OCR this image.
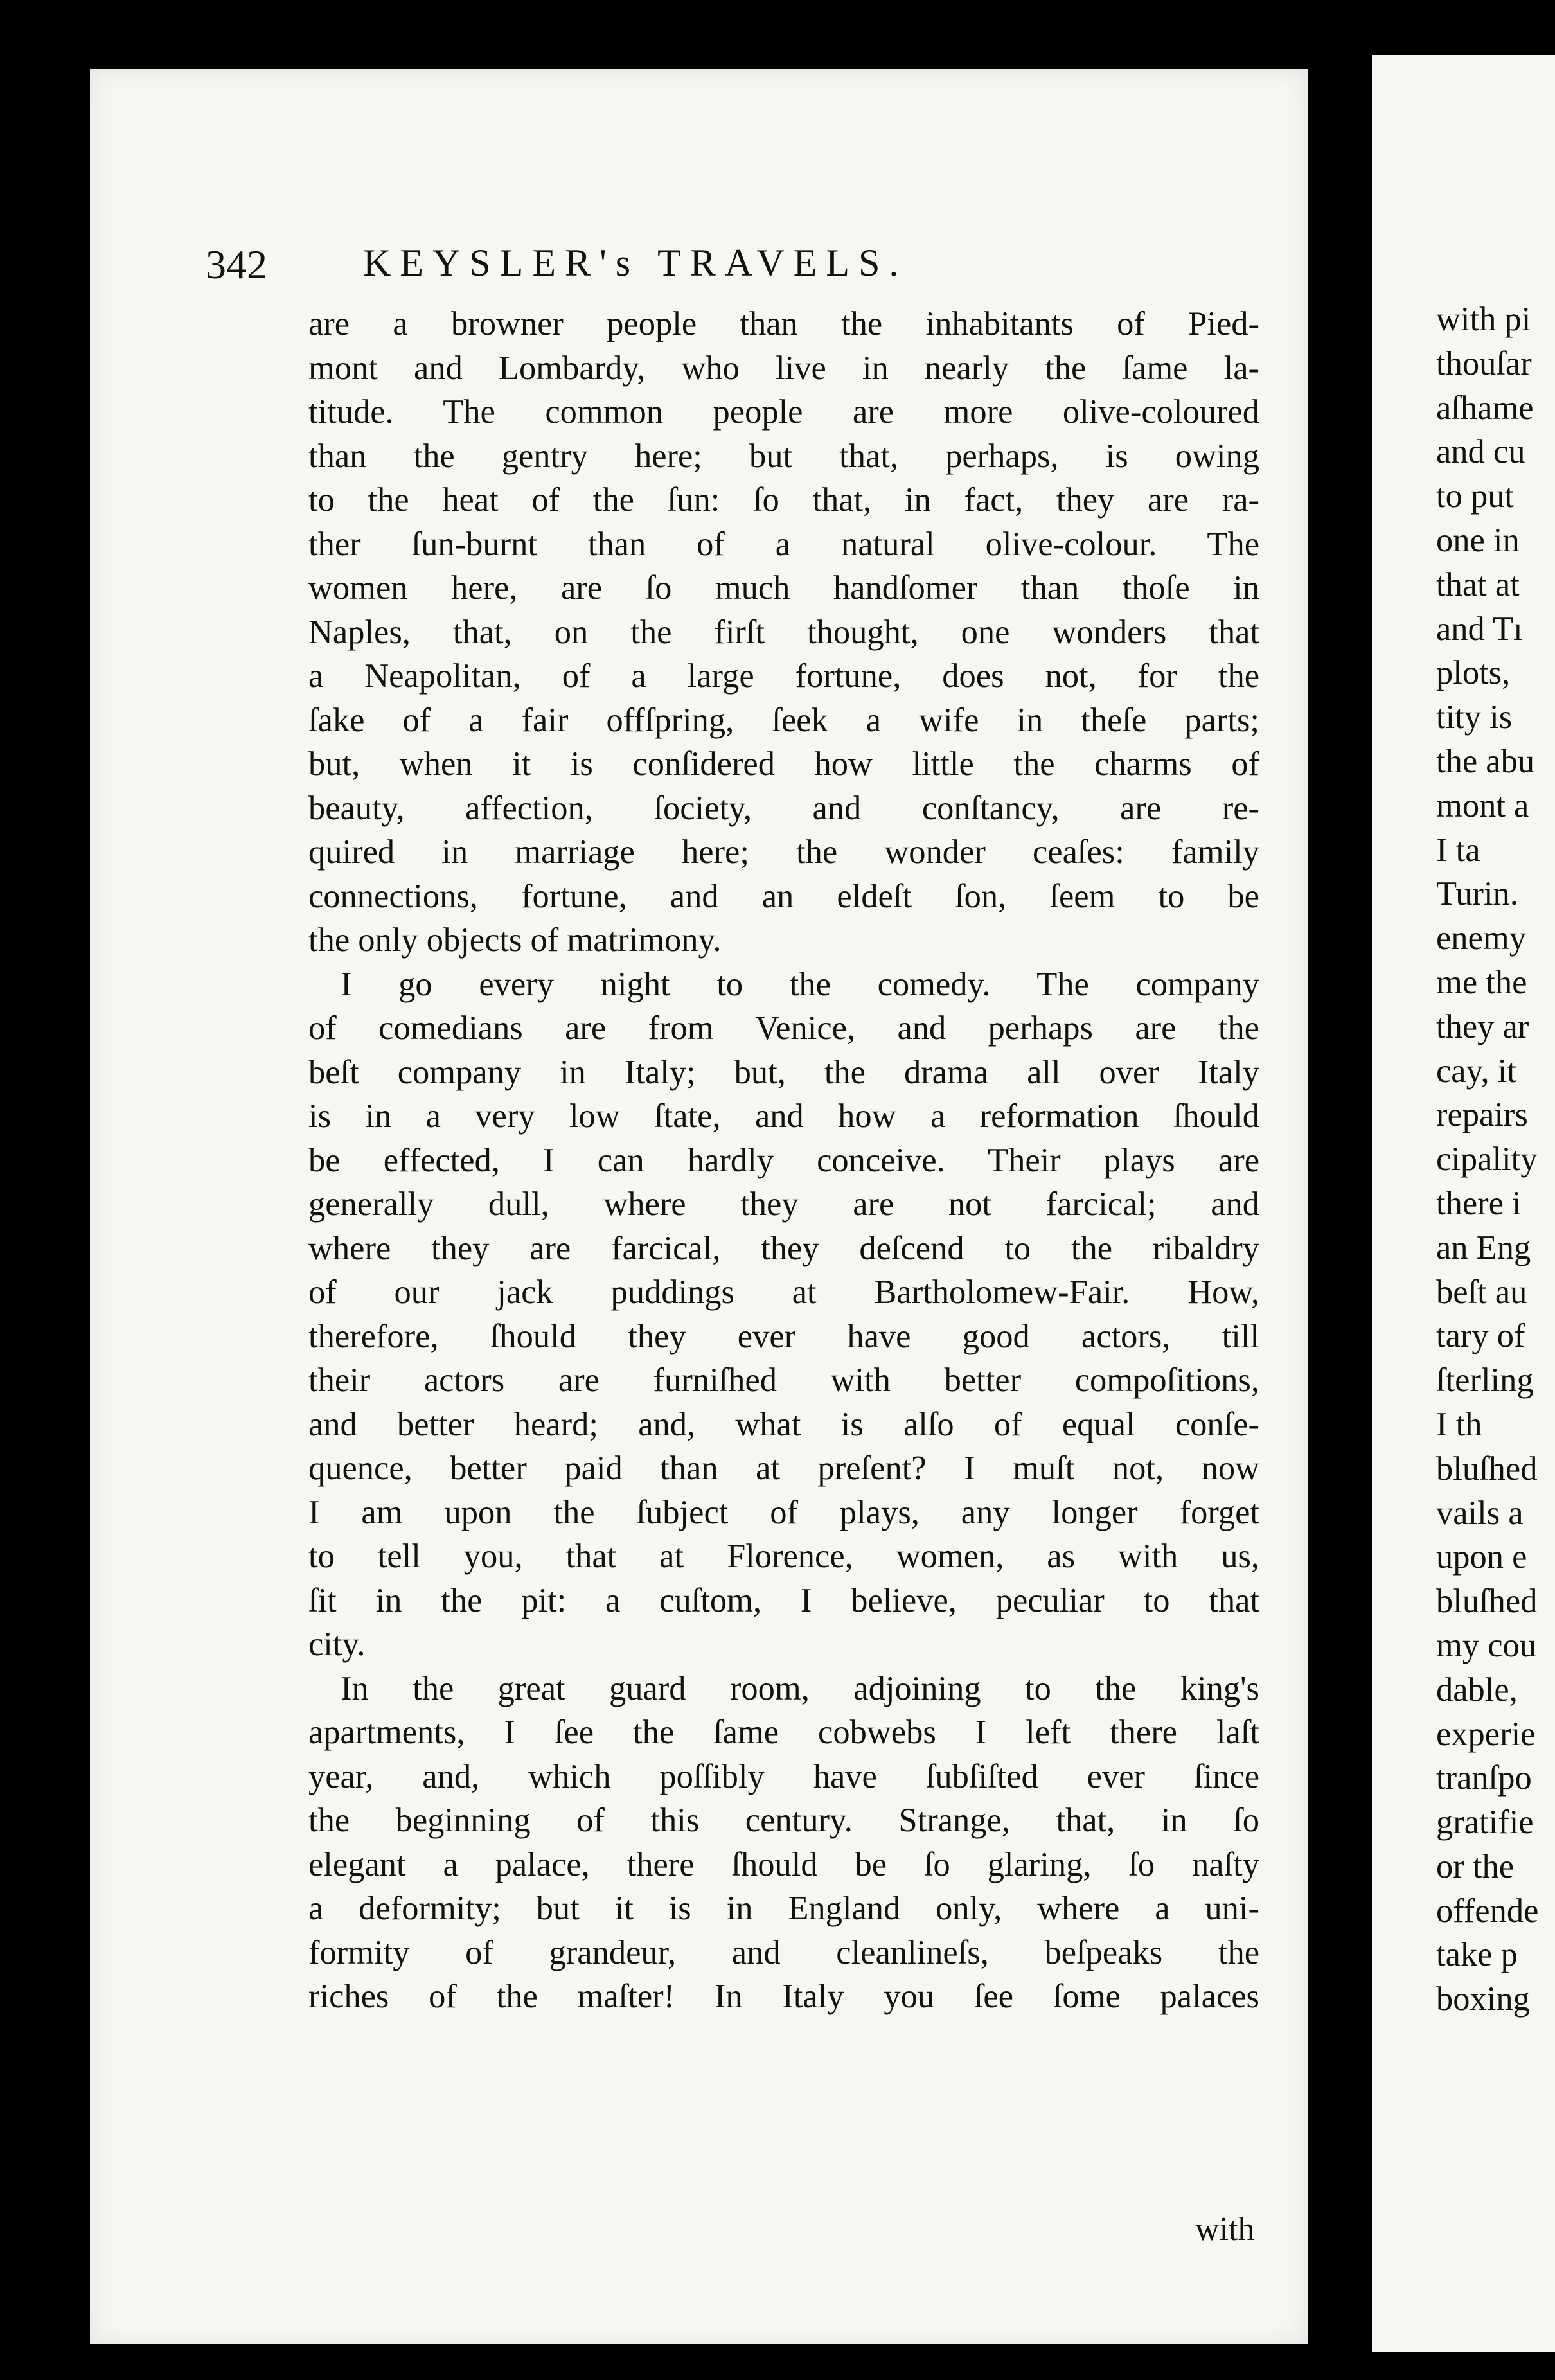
with pi
thouſar
aſhame
and cu
to put
one in
that at
and Tı
plots,
tity is
the abu
mont a
I ta
Turin.
enemy
me the
they ar
cay, it
repairs
cipality
there i
an Eng
beſt au
tary of
ſterling
I th
bluſhed
vails a
upon e
bluſhed
my cou
dable,
experie
tranſpo
gratifie
or the
offende
take p
boxing
342 KEYSLER's TRAVELS.
are a browner people than the inhabitants of Pied-
mont and Lombardy, who live in nearly the ſame la-
titude. The common people are more olive-coloured
than the gentry here; but that, perhaps, is owing
to the heat of the ſun: ſo that, in fact, they are ra-
ther ſun-burnt than of a natural olive-colour. The
women here, are ſo much handſomer than thoſe in
Naples, that, on the firſt thought, one wonders that
a Neapolitan, of a large fortune, does not, for the
ſake of a fair offſpring, ſeek a wife in theſe parts;
but, when it is conſidered how little the charms of
beauty, affection, ſociety, and conſtancy, are re-
quired in marriage here; the wonder ceaſes: family
connections, fortune, and an eldeſt ſon, ſeem to be
the only objects of matrimony.
I go every night to the comedy. The company
of comedians are from Venice, and perhaps are the
beſt company in Italy; but, the drama all over Italy
is in a very low ſtate, and how a reformation ſhould
be effected, I can hardly conceive. Their plays are
generally dull, where they are not farcical; and
where they are farcical, they deſcend to the ribaldry
of our jack puddings at Bartholomew-Fair. How,
therefore, ſhould they ever have good actors, till
their actors are furniſhed with better compoſitions,
and better heard; and, what is alſo of equal conſe-
quence, better paid than at preſent? I muſt not, now
I am upon the ſubject of plays, any longer forget
to tell you, that at Florence, women, as with us,
ſit in the pit: a cuſtom, I believe, peculiar to that
city.
In the great guard room, adjoining to the king's
apartments, I ſee the ſame cobwebs I left there laſt
year, and, which poſſibly have ſubſiſted ever ſince
the beginning of this century. Strange, that, in ſo
elegant a palace, there ſhould be ſo glaring, ſo naſty
a deformity; but it is in England only, where a uni-
formity of grandeur, and cleanlineſs, beſpeaks the
riches of the maſter! In Italy you ſee ſome palaces
with
